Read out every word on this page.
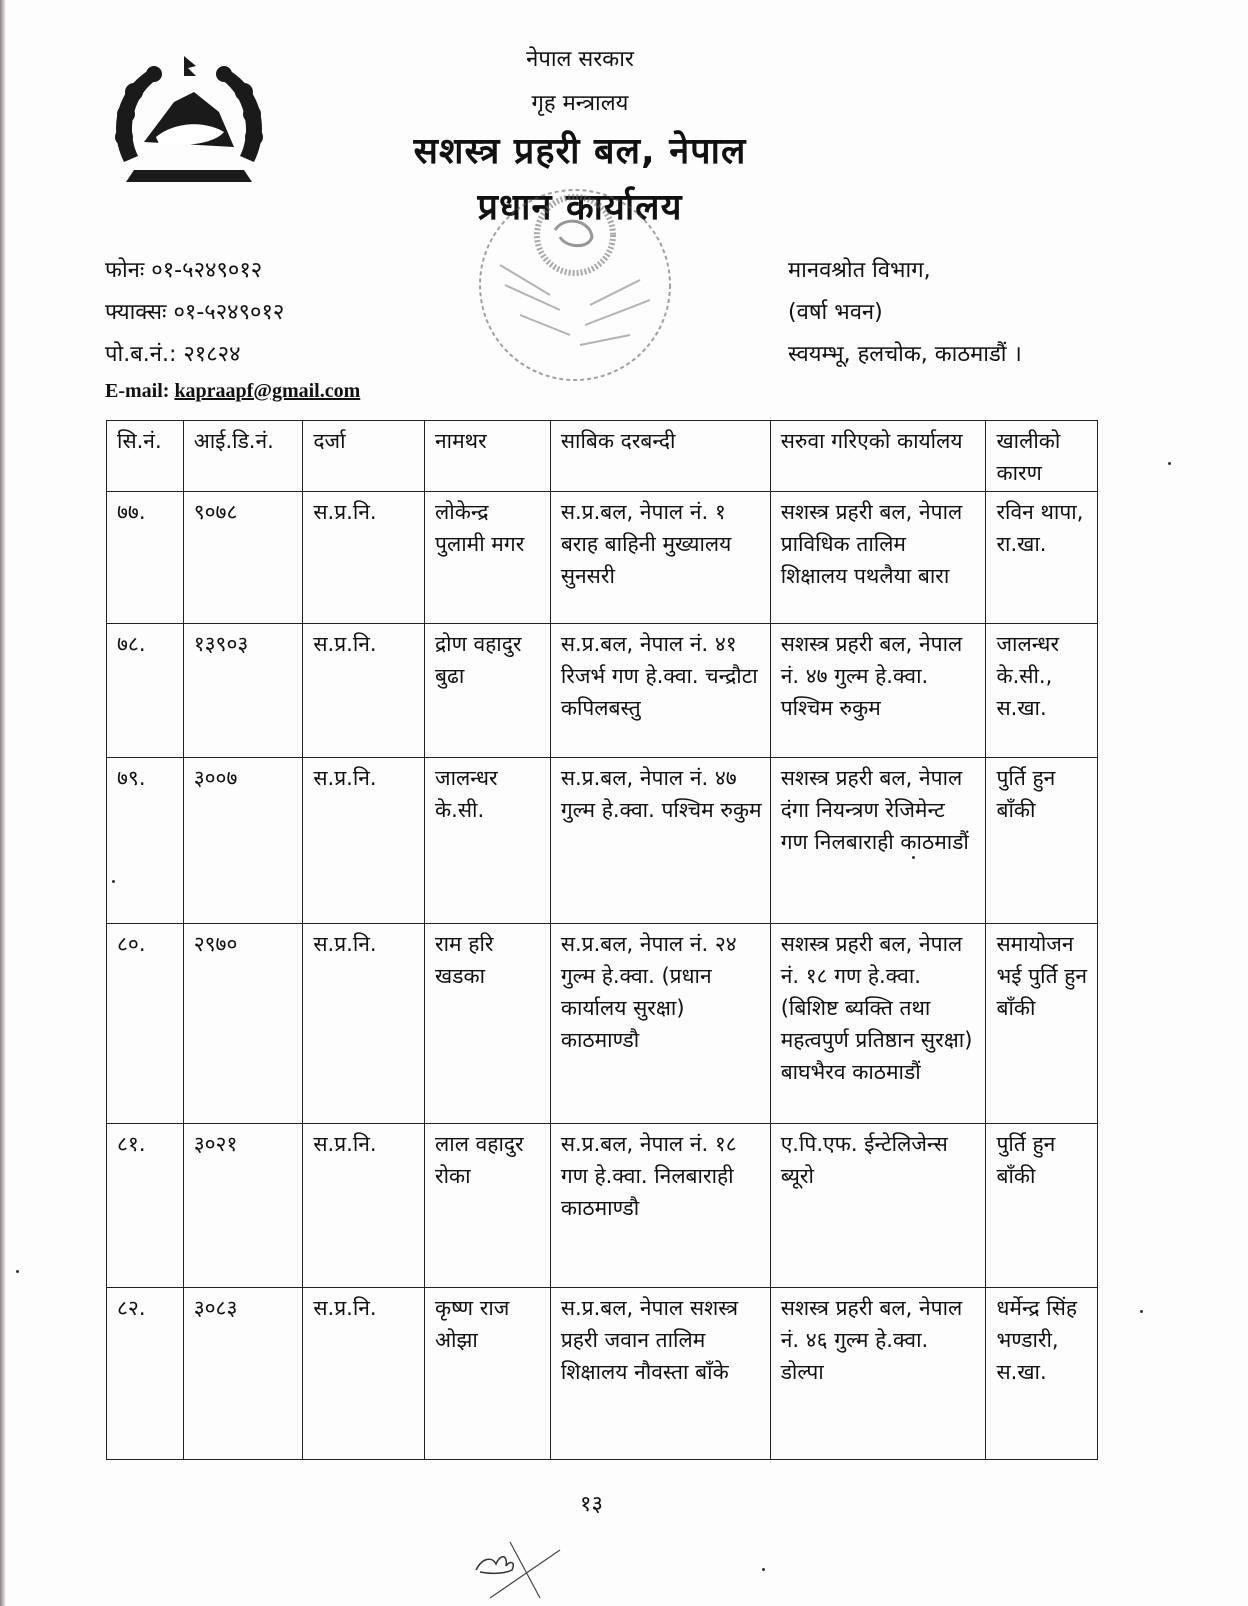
नेपाल सरकार
गृह मन्त्रालय
सशस्त्र प्रहरी बल, नेपाल
प्रधान कार्यालय
फोनः ०१-५२४९०१२
फ्याक्सः ०१-५२४९०१२
पो.ब.नं.: २१८२४
E-mail: kapraapf@gmail.com
मानवश्रोत विभाग,
(वर्षा भवन)
स्वयम्भू, हलचोक, काठमाडौं ।
सि.नं.	आई.डि.नं.	दर्जा	नामथर	साबिक दरबन्दी	सरुवा गरिएको कार्यालय	खालीको कारण
७७.	९०७८	स.प्र.नि.	लोकेन्द्र पुलामी मगर	स.प्र.बल, नेपाल नं. १ बराह बाहिनी मुख्यालय सुनसरी	सशस्त्र प्रहरी बल, नेपाल प्राविधिक तालिम शिक्षालय पथलैया बारा	रविन थापा, रा.खा.
७८.	१३९०३	स.प्र.नि.	द्रोण वहादुर बुढा	स.प्र.बल, नेपाल नं. ४१ रिजर्भ गण हे.क्वा. चन्द्रौटा कपिलबस्तु	सशस्त्र प्रहरी बल, नेपाल नं. ४७ गुल्म हे.क्वा. पश्चिम रुकुम	जालन्धर के.सी., स.खा.
७९.	३००७	स.प्र.नि.	जालन्धर के.सी.	स.प्र.बल, नेपाल नं. ४७ गुल्म हे.क्वा. पश्चिम रुकुम	सशस्त्र प्रहरी बल, नेपाल दंगा नियन्त्रण रेजिमेन्ट गण निलबाराही काठमाडौं	पुर्ति हुन बाँकी
८०.	२९७०	स.प्र.नि.	राम हरि खडका	स.प्र.बल, नेपाल नं. २४ गुल्म हे.क्वा. (प्रधान कार्यालय सुरक्षा) काठमाण्डौ	सशस्त्र प्रहरी बल, नेपाल नं. १८ गण हे.क्वा. (बिशिष्ट ब्यक्ति तथा महत्वपुर्ण प्रतिष्ठान सुरक्षा) बाघभैरव काठमाडौं	समायोजन भई पुर्ति हुन बाँकी
८१.	३०२१	स.प्र.नि.	लाल वहादुर रोका	स.प्र.बल, नेपाल नं. १८ गण हे.क्वा. निलबाराही काठमाण्डौ	ए.पि.एफ. ईन्टेलिजेन्स ब्यूरो	पुर्ति हुन बाँकी
८२.	३०८३	स.प्र.नि.	कृष्ण राज ओझा	स.प्र.बल, नेपाल सशस्त्र प्रहरी जवान तालिम शिक्षालय नौवस्ता बाँके	सशस्त्र प्रहरी बल, नेपाल नं. ४६ गुल्म हे.क्वा. डोल्पा	धर्मेन्द्र सिंह भण्डारी, स.खा.
१३
